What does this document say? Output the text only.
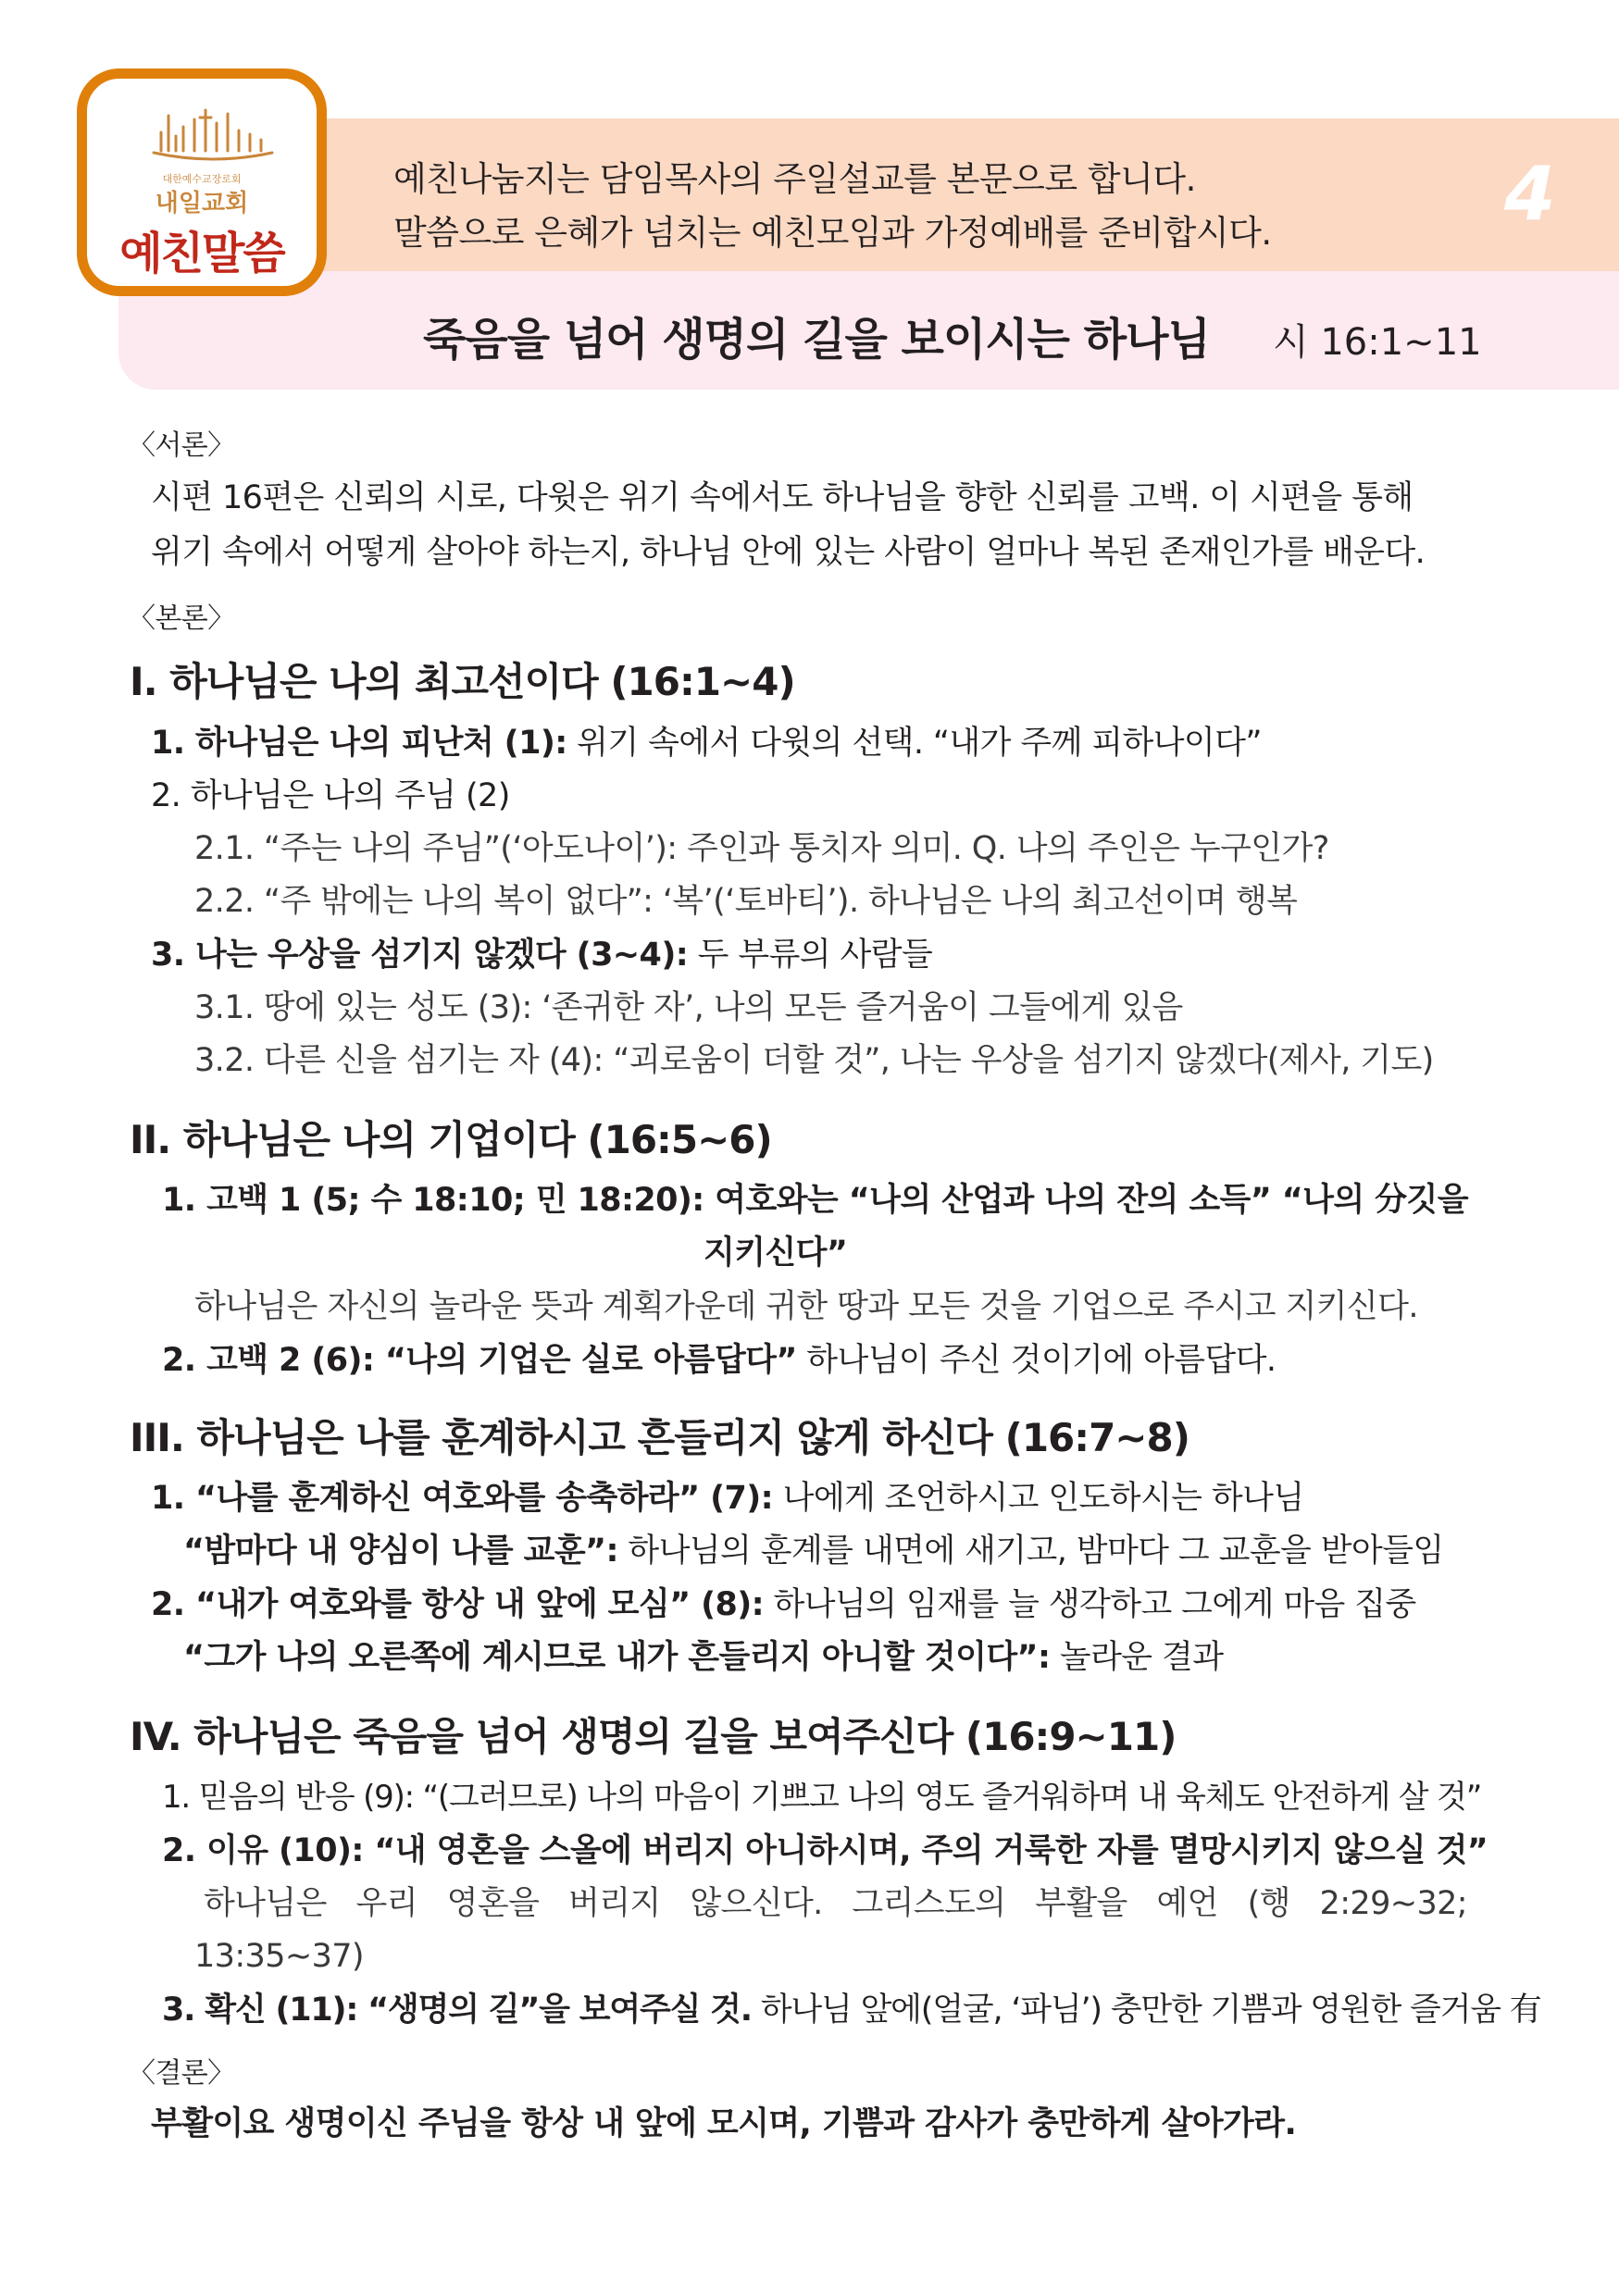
예친나눔지는 담임목사의 주일설교를 본문으로 합니다.
말씀으로 은혜가 넘치는 예친모임과 가정예배를 준비합시다.	4
죽음을 넘어 생명의 길을 보이시는 하나님 시 16:1∼11
대한예수교장로회
내일교회
예친말씀
〈서론〉
시편 16편은 신뢰의 시로, 다윗은 위기 속에서도 하나님을 향한 신뢰를 고백. 이 시편을 통해
위기 속에서 어떻게 살아야 하는지, 하나님 안에 있는 사람이 얼마나 복된 존재인가를 배운다.
〈본론〉
I. 하나님은 나의 최고선이다 (16:1~4)
1. 하나님은 나의 피난처 (1): 위기 속에서 다윗의 선택. “내가 주께 피하나이다”
2. 하나님은 나의 주님 (2)
2.1. “주는 나의 주님”(‘아도나이’): 주인과 통치자 의미. Q. 나의 주인은 누구인가?
2.2. “주 밖에는 나의 복이 없다”: ‘복’(‘토바티’). 하나님은 나의 최고선이며 행복
3. 나는 우상을 섬기지 않겠다 (3∼4): 두 부류의 사람들
3.1. 땅에 있는 성도 (3): ‘존귀한 자’, 나의 모든 즐거움이 그들에게 있음
3.2. 다른 신을 섬기는 자 (4): “괴로움이 더할 것”, 나는 우상을 섬기지 않겠다(제사, 기도)
II. 하나님은 나의 기업이다 (16:5~6)
1. 고백 1 (5; 수 18:10; 민 18:20): 여호와는 “나의 산업과 나의 잔의 소득” “나의 分깃을
지키신다”
하나님은 자신의 놀라운 뜻과 계획가운데 귀한 땅과 모든 것을 기업으로 주시고 지키신다.
2. 고백 2 (6): “나의 기업은 실로 아름답다” 하나님이 주신 것이기에 아름답다.
III. 하나님은 나를 훈계하시고 흔들리지 않게 하신다 (16:7~8)
1. “나를 훈계하신 여호와를 송축하라” (7): 나에게 조언하시고 인도하시는 하나님
“밤마다 내 양심이 나를 교훈”: 하나님의 훈계를 내면에 새기고, 밤마다 그 교훈을 받아들임
2. “내가 여호와를 항상 내 앞에 모심” (8): 하나님의 임재를 늘 생각하고 그에게 마음 집중
“그가 나의 오른쪽에 계시므로 내가 흔들리지 아니할 것이다”: 놀라운 결과
IV. 하나님은 죽음을 넘어 생명의 길을 보여주신다 (16:9~11)
1. 믿음의 반응 (9): “(그러므로) 나의 마음이 기쁘고 나의 영도 즐거워하며 내 육체도 안전하게 살 것”
2. 이유 (10): “내 영혼을 스올에 버리지 아니하시며, 주의 거룩한 자를 멸망시키지 않으실 것”
하나님은 우리 영혼을 버리지 않으신다. 그리스도의 부활을 예언 (행 2:29∼32;
13:35∼37)
3. 확신 (11): “생명의 길”을 보여주실 것. 하나님 앞에(얼굴, ‘파님’) 충만한 기쁨과 영원한 즐거움 有
〈결론〉
부활이요 생명이신 주님을 항상 내 앞에 모시며, 기쁨과 감사가 충만하게 살아가라.
